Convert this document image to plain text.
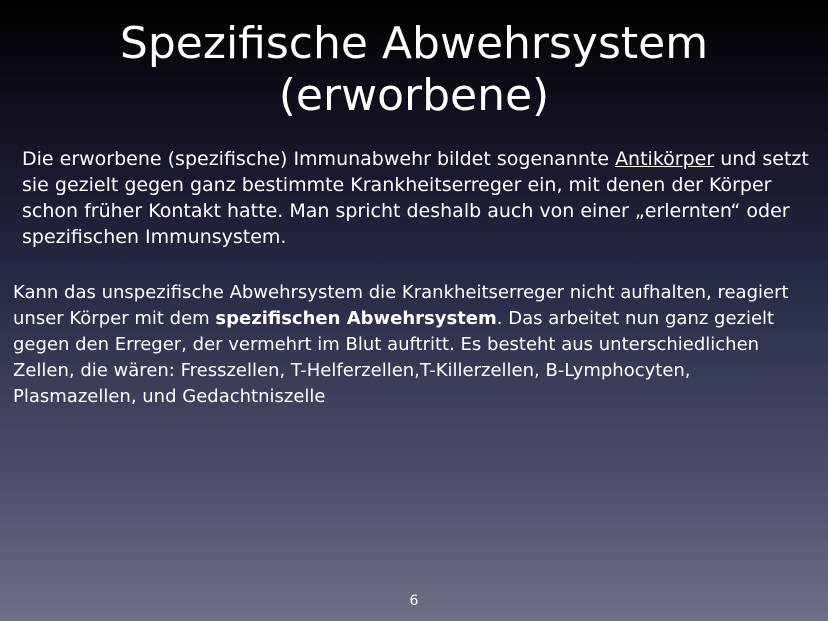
Spezifische Abwehrsystem
(erworbene)

Die erworbene (spezifische) Immunabwehr bildet sogenannte Antikörper und setzt sie gezielt gegen ganz bestimmte Krankheitserreger ein, mit denen der Körper schon früher Kontakt hatte. Man spricht deshalb auch von einer „erlernten“ oder spezifischen Immunsystem.

Kann das unspezifische Abwehrsystem die Krankheitserreger nicht aufhalten, reagiert unser Körper mit dem spezifischen Abwehrsystem. Das arbeitet nun ganz gezielt gegen den Erreger, der vermehrt im Blut auftritt. Es besteht aus unterschiedlichen Zellen, die wären: Fresszellen, T-Helferzellen,T-Killerzellen, B-Lymphocyten, Plasmazellen, und Gedachtniszelle

6
